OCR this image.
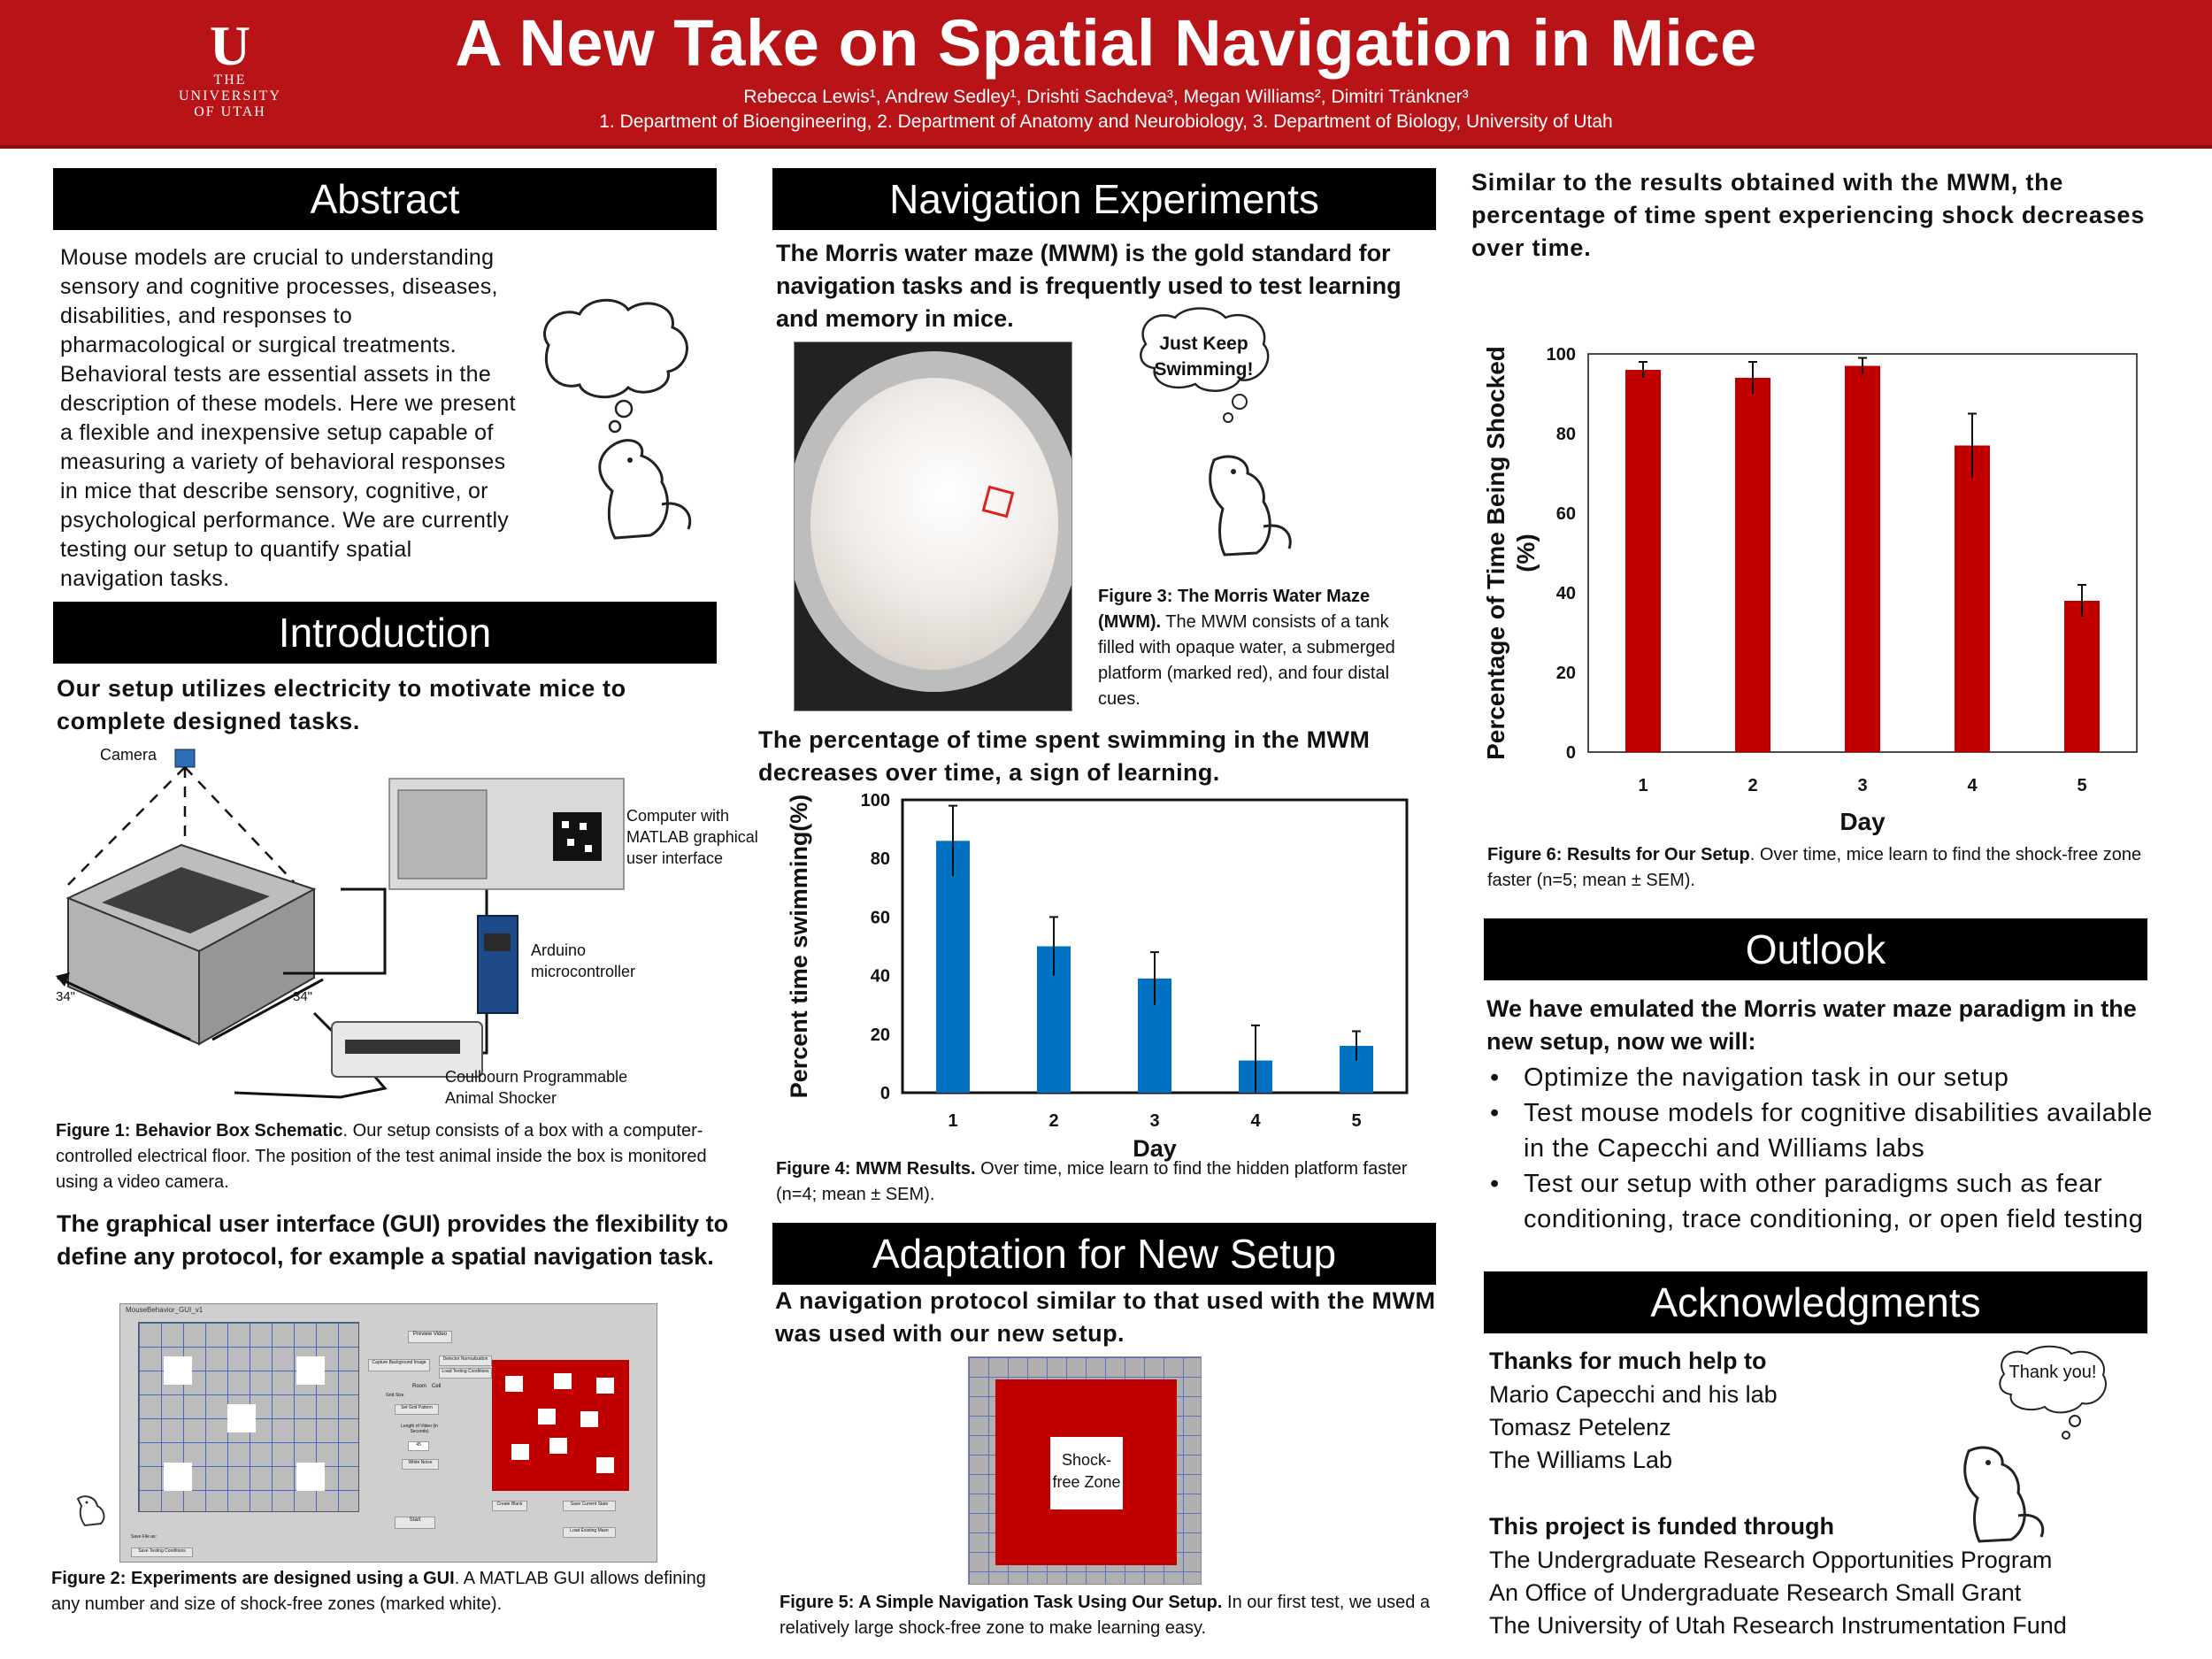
U
THE
UNIVERSITY
OF UTAH
A New Take on Spatial Navigation in Mice
Rebecca Lewis¹, Andrew Sedley¹, Drishti Sachdeva³, Megan Williams², Dimitri Tränkner³
1. Department of Bioengineering, 2. Department of Anatomy and Neurobiology, 3. Department of Biology, University of Utah
Abstract
Mouse models are crucial to understanding sensory and cognitive processes, diseases, disabilities, and responses to pharmacological or surgical treatments. Behavioral tests are essential assets in the description of these models. Here we present a flexible and inexpensive setup capable of measuring a variety of behavioral responses in mice that describe sensory, cognitive, or psychological performance. We are currently testing our setup to quantify spatial navigation tasks.
Introduction
Our setup utilizes electricity to motivate mice to complete designed tasks.
Camera
34"	34"
Computer with MATLAB graphical user interface
Arduino microcontroller
Coulbourn Programmable Animal Shocker
Figure 1: Behavior Box Schematic. Our setup consists of a box with a computer-controlled electrical floor. The position of the test animal inside the box is monitored using a video camera.
The graphical user interface (GUI) provides the flexibility to define any protocol, for example a spatial navigation task.
MouseBehavior_GUI_v1
Preview Video
Capture Background Image
Detector Normalization
Load Testing Conditions
Room Cell
Grid Size
Set Grid Pattern
Length of Video (in Seconds)
45
White Noise
Create Blank	Save Current State
Start
Load Existing Maze
Save File as:
Save Testing Conditions
Figure 2: Experiments are designed using a GUI. A MATLAB GUI allows defining any number and size of shock-free zones (marked white).
Navigation Experiments
The Morris water maze (MWM) is the gold standard for navigation tasks and is frequently used to test learning and memory in mice.
Just Keep Swimming!
Figure 3: The Morris Water Maze (MWM). The MWM consists of a tank filled with opaque water, a submerged platform (marked red), and four distal cues.
The percentage of time spent swimming in the MWM decreases over time, a sign of learning.
0
20
40
60
80
100
1	2	3	4	5
Day
Percent time swimming(%)
Figure 4: MWM Results. Over time, mice learn to find the hidden platform faster (n=4; mean ± SEM).
Adaptation for New Setup
A navigation protocol similar to that used with the MWM was used with our new setup.
Shock-free Zone
Figure 5: A Simple Navigation Task Using Our Setup. In our first test, we used a relatively large shock-free zone to make learning easy.
Similar to the results obtained with the MWM, the percentage of time spent experiencing shock decreases over time.
0
20
40
60
80
100
1	2	3	4	5
Day
Percentage of Time Being Shocked (%)
Figure 6: Results for Our Setup. Over time, mice learn to find the shock-free zone faster (n=5; mean ± SEM).
Outlook
We have emulated the Morris water maze paradigm in the new setup, now we will:
• Optimize the navigation task in our setup
• Test mouse models for cognitive disabilities available in the Capecchi and Williams labs
• Test our setup with other paradigms such as fear conditioning, trace conditioning, or open field testing
Acknowledgments
Thanks for much help to
Mario Capecchi and his lab
Tomasz Petelenz
The Williams Lab
Thank you!
This project is funded through
The Undergraduate Research Opportunities Program
An Office of Undergraduate Research Small Grant
The University of Utah Research Instrumentation Fund
